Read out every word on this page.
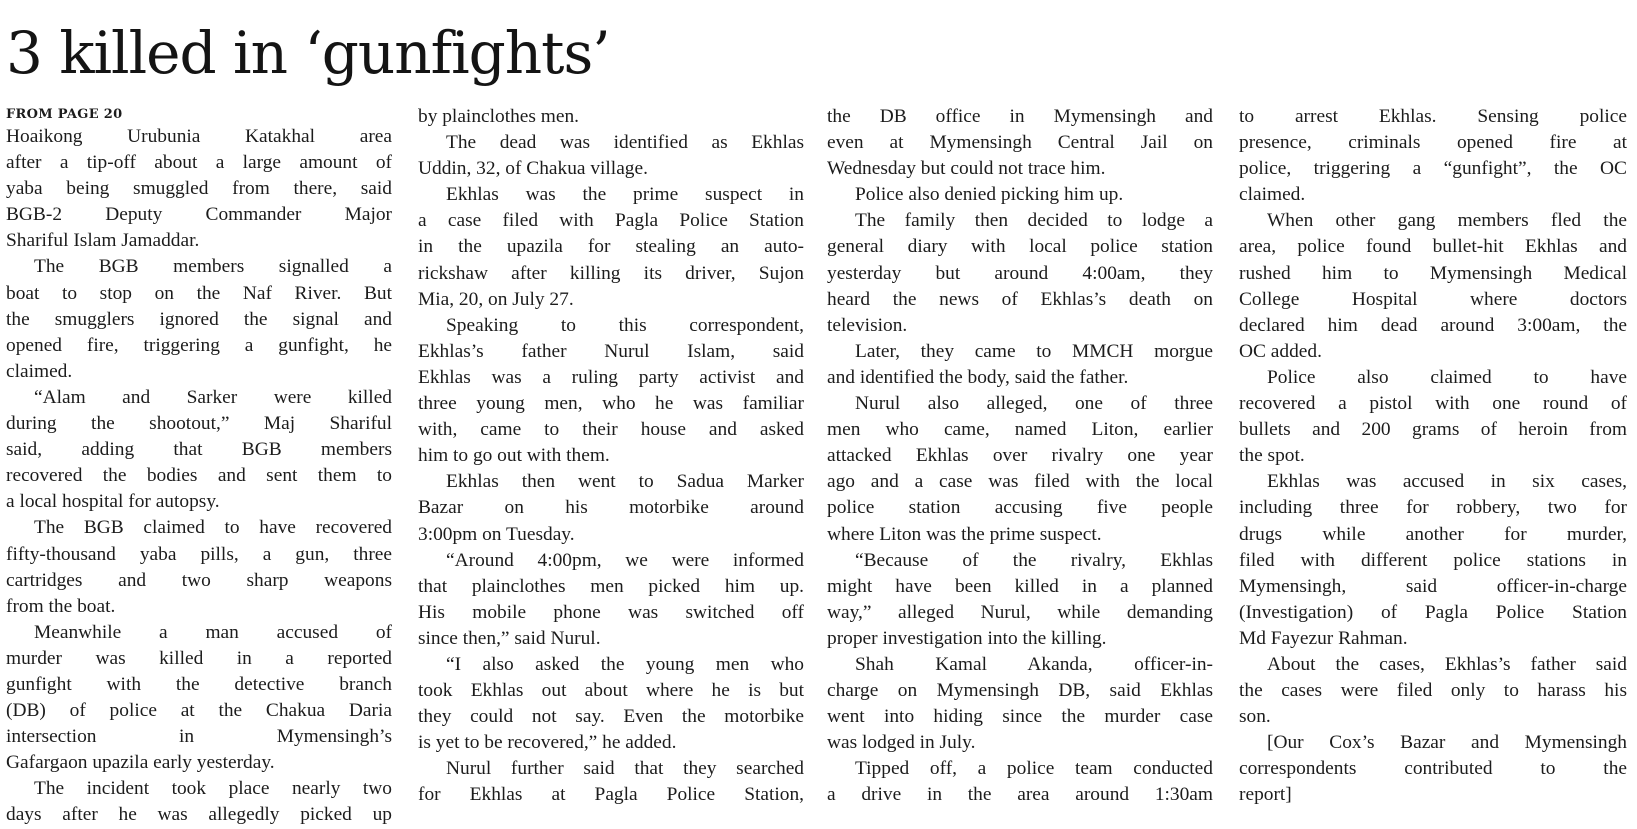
3 killed in ‘gunfights’
FROM PAGE 20
Hoaikong Urubunia Katakhal area
after a tip-off about a large amount of
yaba being smuggled from there, said
BGB-2 Deputy Commander Major
Shariful Islam Jamaddar.
The BGB members signalled a
boat to stop on the Naf River. But
the smugglers ignored the signal and
opened fire, triggering a gunfight, he
claimed.
“Alam and Sarker were killed
during the shootout,” Maj Shariful
said, adding that BGB members
recovered the bodies and sent them to
a local hospital for autopsy.
The BGB claimed to have recovered
fifty-thousand yaba pills, a gun, three
cartridges and two sharp weapons
from the boat.
Meanwhile a man accused of
murder was killed in a reported
gunfight with the detective branch
(DB) of police at the Chakua Daria
intersection in Mymensingh’s
Gafargaon upazila early yesterday.
The incident took place nearly two
days after he was allegedly picked up
by plainclothes men.
The dead was identified as Ekhlas
Uddin, 32, of Chakua village.
Ekhlas was the prime suspect in
a case filed with Pagla Police Station
in the upazila for stealing an auto-
rickshaw after killing its driver, Sujon
Mia, 20, on July 27.
Speaking to this correspondent,
Ekhlas’s father Nurul Islam, said
Ekhlas was a ruling party activist and
three young men, who he was familiar
with, came to their house and asked
him to go out with them.
Ekhlas then went to Sadua Marker
Bazar on his motorbike around
3:00pm on Tuesday.
“Around 4:00pm, we were informed
that plainclothes men picked him up.
His mobile phone was switched off
since then,” said Nurul.
“I also asked the young men who
took Ekhlas out about where he is but
they could not say. Even the motorbike
is yet to be recovered,” he added.
Nurul further said that they searched
for Ekhlas at Pagla Police Station,
the DB office in Mymensingh and
even at Mymensingh Central Jail on
Wednesday but could not trace him.
Police also denied picking him up.
The family then decided to lodge a
general diary with local police station
yesterday but around 4:00am, they
heard the news of Ekhlas’s death on
television.
Later, they came to MMCH morgue
and identified the body, said the father.
Nurul also alleged, one of three
men who came, named Liton, earlier
attacked Ekhlas over rivalry one year
ago and a case was filed with the local
police station accusing five people
where Liton was the prime suspect.
“Because of the rivalry, Ekhlas
might have been killed in a planned
way,” alleged Nurul, while demanding
proper investigation into the killing.
Shah Kamal Akanda, officer-in-
charge on Mymensingh DB, said Ekhlas
went into hiding since the murder case
was lodged in July.
Tipped off, a police team conducted
a drive in the area around 1:30am
to arrest Ekhlas. Sensing police
presence, criminals opened fire at
police, triggering a “gunfight”, the OC
claimed.
When other gang members fled the
area, police found bullet-hit Ekhlas and
rushed him to Mymensingh Medical
College Hospital where doctors
declared him dead around 3:00am, the
OC added.
Police also claimed to have
recovered a pistol with one round of
bullets and 200 grams of heroin from
the spot.
Ekhlas was accused in six cases,
including three for robbery, two for
drugs while another for murder,
filed with different police stations in
Mymensingh, said officer-in-charge
(Investigation) of Pagla Police Station
Md Fayezur Rahman.
About the cases, Ekhlas’s father said
the cases were filed only to harass his
son.
[Our Cox’s Bazar and Mymensingh
correspondents contributed to the
report]
